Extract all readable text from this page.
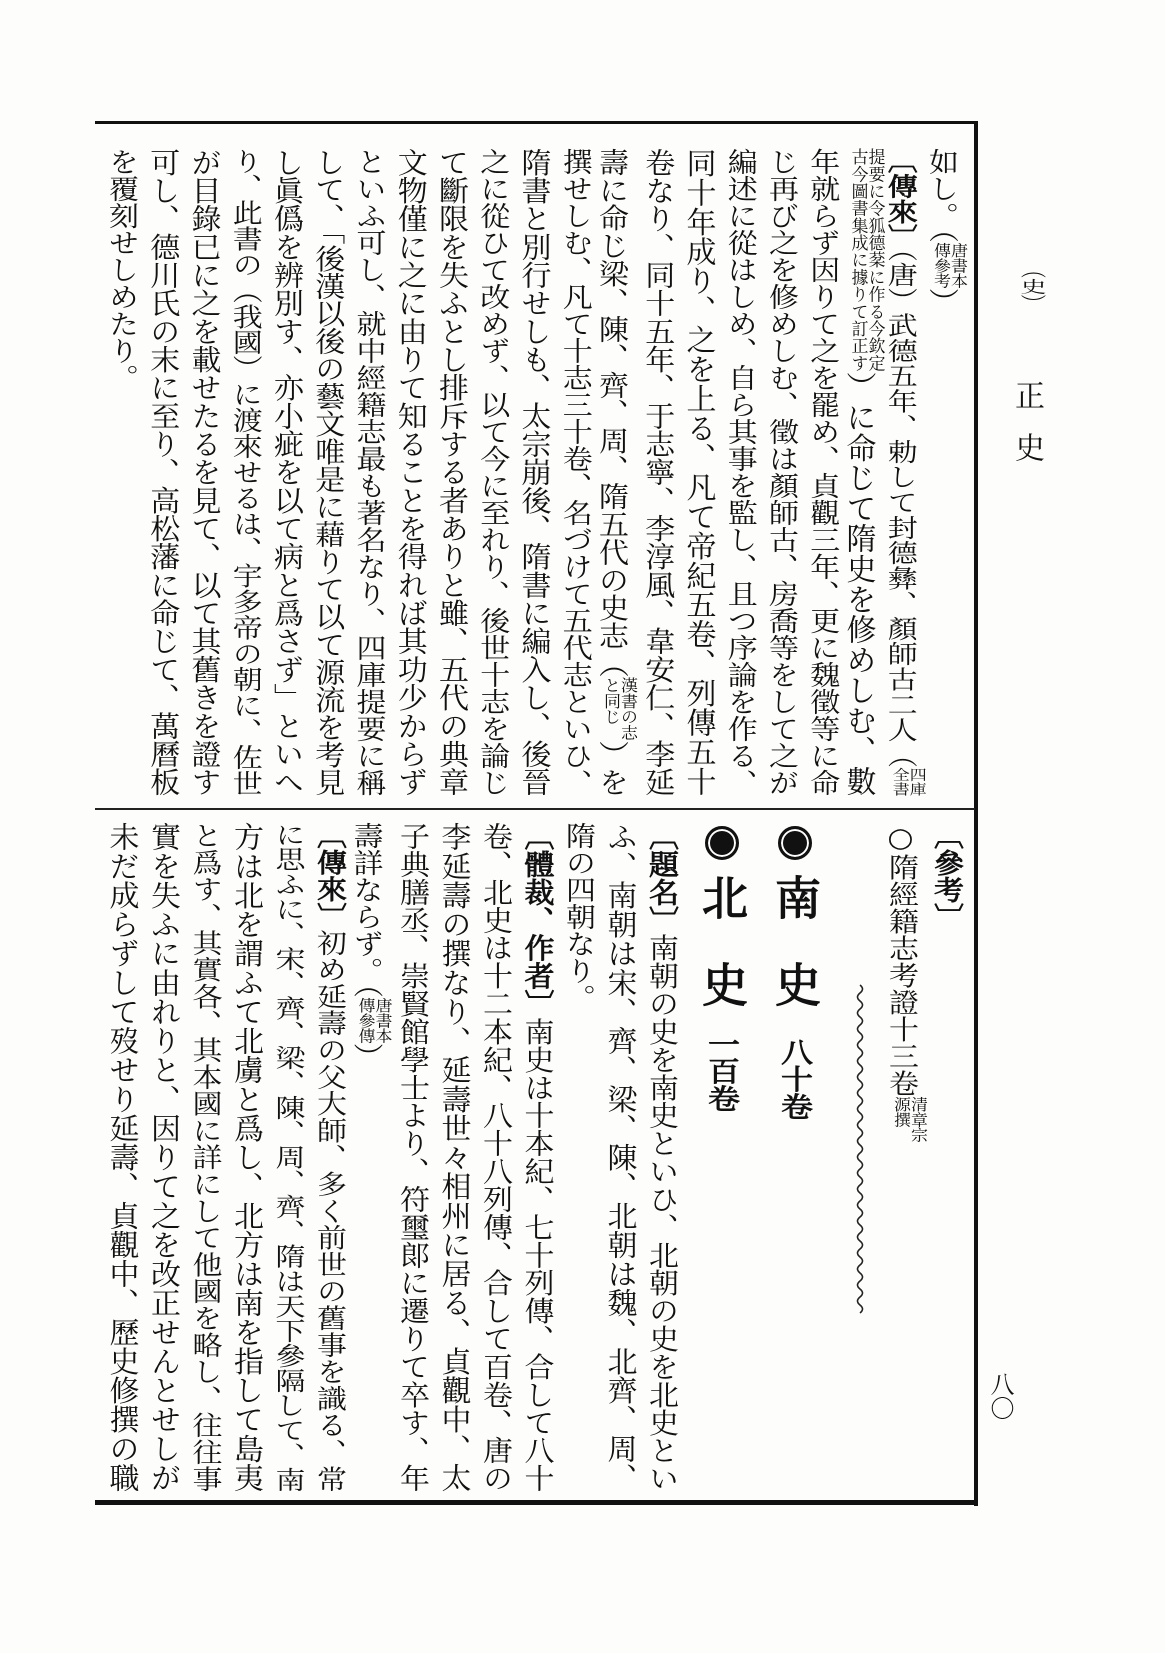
（史）
正史
八〇
如し。（
唐書本
傳參考
）
〔傳來〕（唐）武德五年、勅して封德彝、顏師古二人（
四庫
全書
提要に令狐德棻に作る今欽定
古今圖書集成に據りて訂正す
）に命じて隋史を修めしむ、數
年就らず因りて之を罷め、貞觀三年、更に魏徵等に命
じ再び之を修めしむ、徵は顏師古、房喬等をして之が
編述に從はしめ、自ら其事を監し、且つ序論を作る、
同十年成り、之を上る、凡て帝紀五卷、列傳五十
卷なり、同十五年、于志寧、李淳風、韋安仁、李延
壽に命じ梁、陳、齊、周、隋五代の史志（
漢書の志
と同じ
）を
撰せしむ、凡て十志三十卷、名づけて五代志といひ、
隋書と別行せしも、太宗崩後、隋書に編入し、後晉
之に從ひて改めず、以て今に至れり、後世十志を論じ
て斷限を失ふとし排斥する者ありと雖、五代の典章
文物僅に之に由りて知ることを得れば其功少からず
といふ可し、就中經籍志最も著名なり、四庫提要に稱
して、「後漢以後の藝文唯是に藉りて以て源流を考見
し眞僞を辨別す、亦小疵を以て病と爲さず」といへ
り、此書の（我國）に渡來せるは、宇多帝の朝に、佐世
が目錄已に之を載せたるを見て、以て其舊きを證す
可し、德川氏の末に至り、高松藩に命じて、萬曆板
を覆刻せしめたり。
南史
八十卷
北史
一百卷
〔參考〕
○隋經籍志考證十三卷
清章宗
源撰
〔題名〕南朝の史を南史といひ、北朝の史を北史とい
ふ、南朝は宋、齊、梁、陳、北朝は魏、北齊、周、
隋の四朝なり。
〔體裁、作者〕南史は十本紀、七十列傳、合して八十
卷、北史は十二本紀、八十八列傳、合して百卷、唐の
李延壽の撰なり、延壽世々相州に居る、貞觀中、太
子典膳丞、崇賢館學士より、符璽郞に遷りて卒す、年
壽詳ならず。（
唐書本
傳參傳
）
〔傳來〕初め延壽の父大師、多く前世の舊事を識る、常
に思ふに、宋、齊、梁、陳、周、齊、隋は天下參隔して、南
方は北を謂ふて北虜と爲し、北方は南を指して島夷
と爲す、其實各、其本國に詳にして他國を略し、往往事
實を失ふに由れりと、因りて之を改正せんとせしが
未だ成らずして歿せり延壽、貞觀中、歷史修撰の職
